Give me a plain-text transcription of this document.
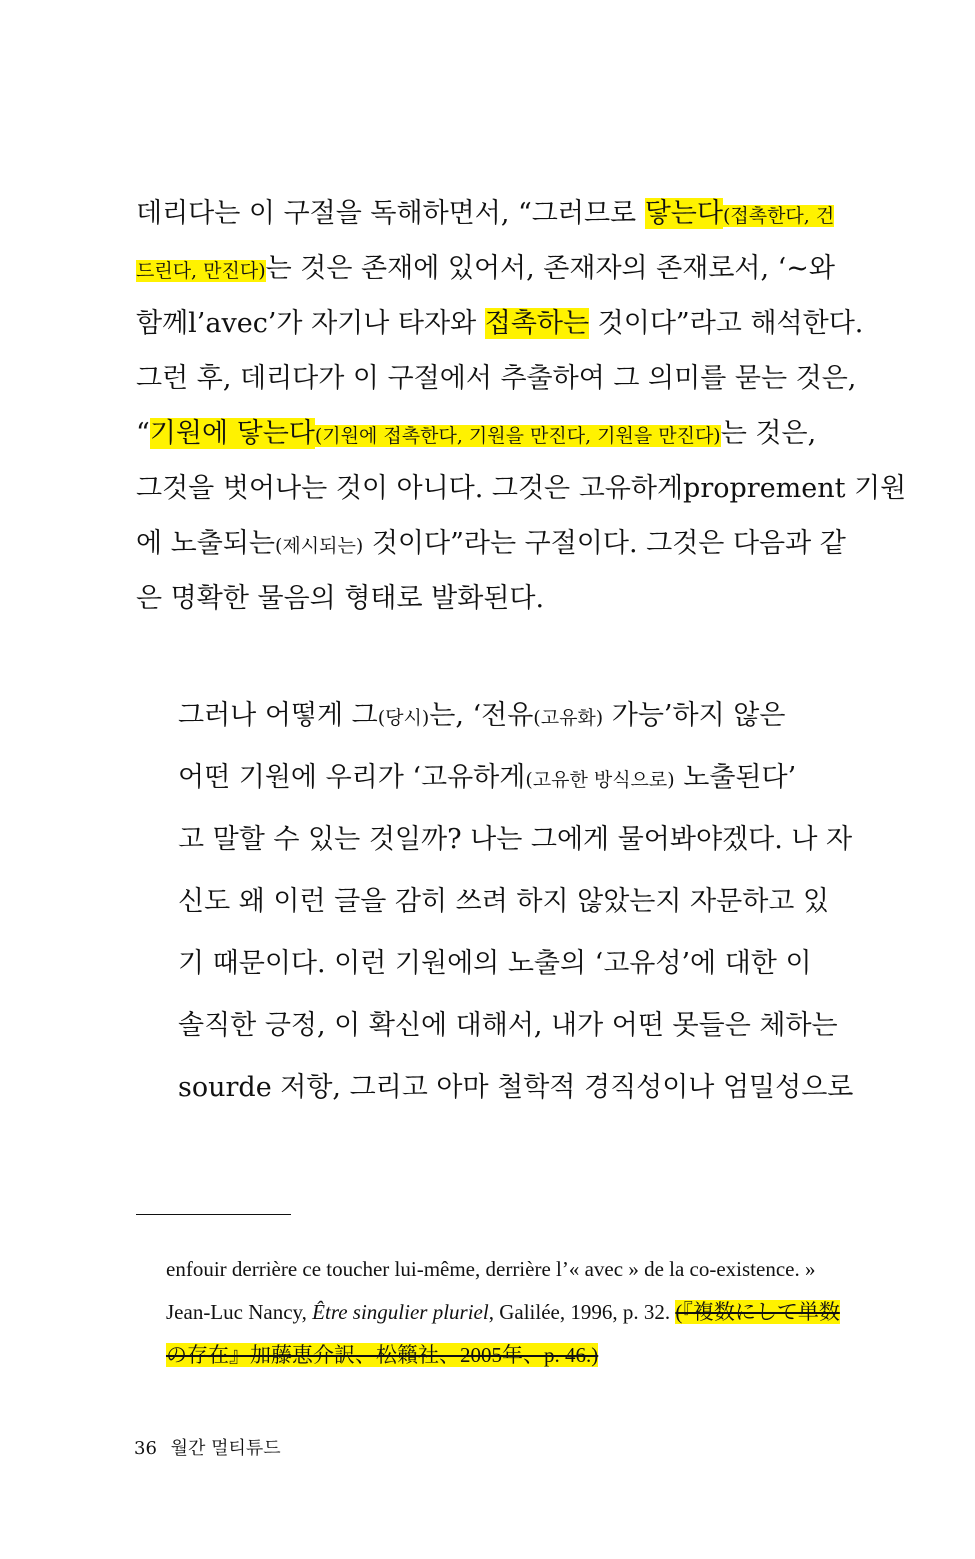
데리다는 이 구절을 독해하면서, “그러므로 닿는다(접촉한다, 건
드린다, 만진다)는 것은 존재에 있어서, 존재자의 존재로서, ‘~와
함께l’avec’가 자기나 타자와 접촉하는 것이다”라고 해석한다.
그런 후, 데리다가 이 구절에서 추출하여 그 의미를 묻는 것은,
“기원에 닿는다(기원에 접촉한다, 기원을 만진다, 기원을 만진다)는 것은,
그것을 벗어나는 것이 아니다. 그것은 고유하게proprement 기원
에 노출되는(제시되는) 것이다”라는 구절이다. 그것은 다음과 같
은 명확한 물음의 형태로 발화된다.
그러나 어떻게 그(당시)는, ‘전유(고유화) 가능’하지 않은
어떤 기원에 우리가 ‘고유하게(고유한 방식으로) 노출된다’
고 말할 수 있는 것일까? 나는 그에게 물어봐야겠다. 나 자
신도 왜 이런 글을 감히 쓰려 하지 않았는지 자문하고 있
기 때문이다. 이런 기원에의 노출의 ‘고유성’에 대한 이
솔직한 긍정, 이 확신에 대해서, 내가 어떤 못들은 체하는
sourde 저항, 그리고 아마 철학적 경직성이나 엄밀성으로
enfouir derrière ce toucher lui-même, derrière l’« avec » de la co-existence. »
Jean-Luc Nancy, Être singulier pluriel, Galilée, 1996, p. 32. (『複数にして単数
の存在』加藤恵介訳、松籟社、2005年、p. 46.)
36 월간 멀티튜드
